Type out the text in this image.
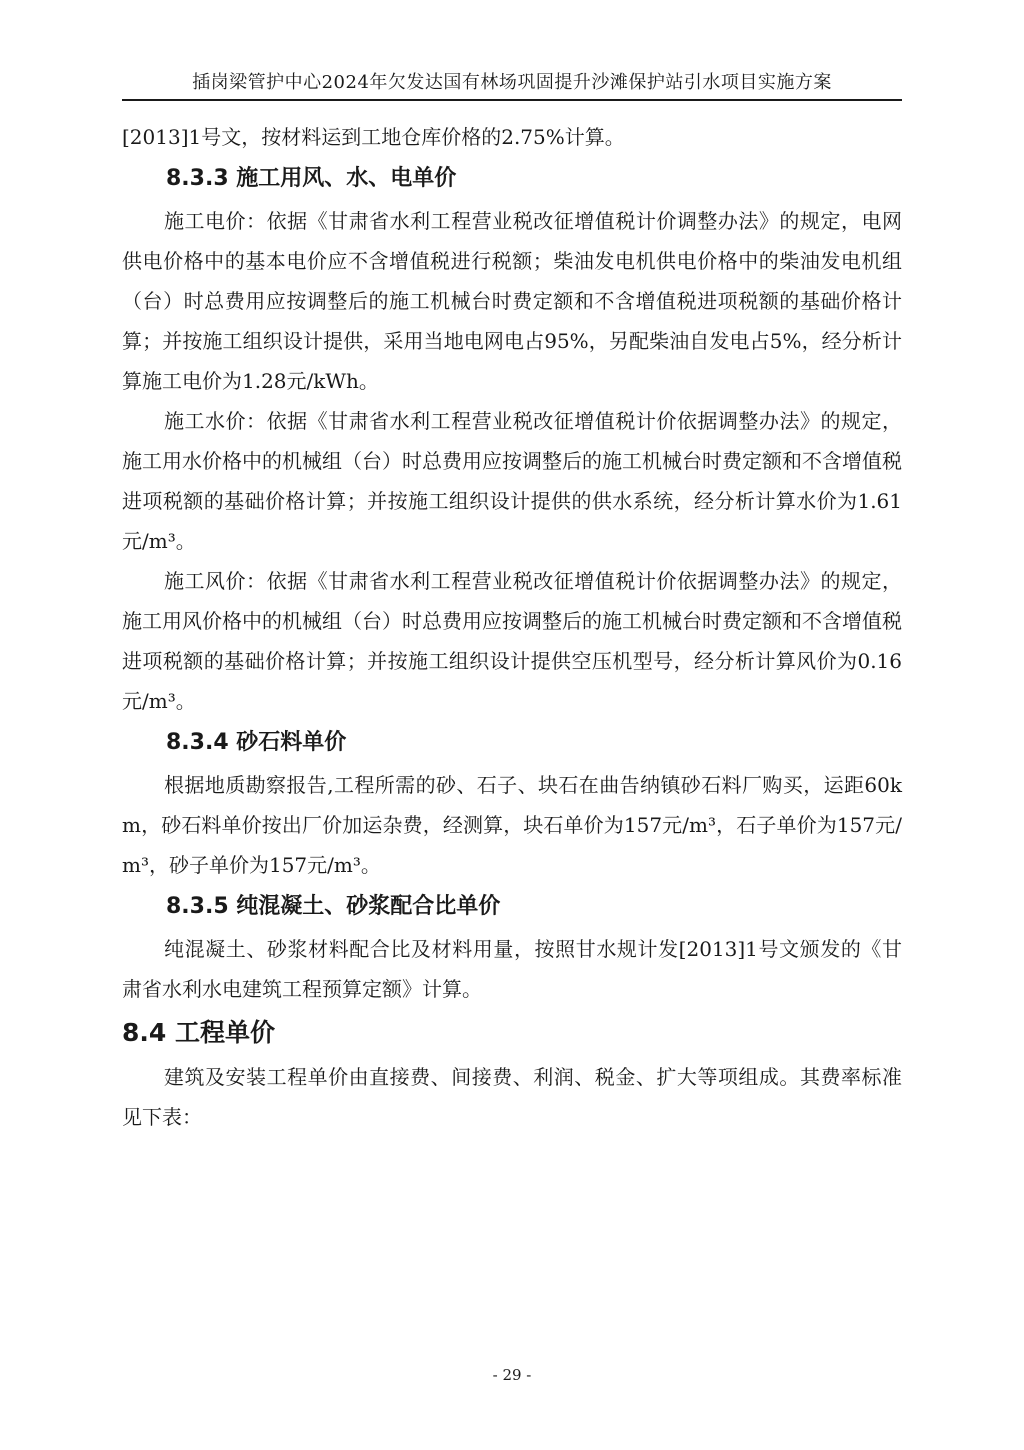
插岗梁管护中心2024年欠发达国有林场巩固提升沙滩保护站引水项目实施方案

[2013]1号文，按材料运到工地仓库价格的2.75%计算。

8.3.3 施工用风、水、电单价

施工电价：依据《甘肃省水利工程营业税改征增值税计价调整办法》的规定，电网供电价格中的基本电价应不含增值税进行税额；柴油发电机供电价格中的柴油发电机组（台）时总费用应按调整后的施工机械台时费定额和不含增值税进项税额的基础价格计算；并按施工组织设计提供，采用当地电网电占95%，另配柴油自发电占5%，经分析计算施工电价为1.28元/kWh。

施工水价：依据《甘肃省水利工程营业税改征增值税计价依据调整办法》的规定，施工用水价格中的机械组（台）时总费用应按调整后的施工机械台时费定额和不含增值税进项税额的基础价格计算；并按施工组织设计提供的供水系统，经分析计算水价为1.61元/m³。

施工风价：依据《甘肃省水利工程营业税改征增值税计价依据调整办法》的规定，施工用风价格中的机械组（台）时总费用应按调整后的施工机械台时费定额和不含增值税进项税额的基础价格计算；并按施工组织设计提供空压机型号，经分析计算风价为0.16元/m³。

8.3.4 砂石料单价

根据地质勘察报告,工程所需的砂、石子、块石在曲告纳镇砂石料厂购买，运距60km，砂石料单价按出厂价加运杂费，经测算，块石单价为157元/m³，石子单价为157元/m³，砂子单价为157元/m³。

8.3.5 纯混凝土、砂浆配合比单价

纯混凝土、砂浆材料配合比及材料用量，按照甘水规计发[2013]1号文颁发的《甘肃省水利水电建筑工程预算定额》计算。

8.4 工程单价

建筑及安装工程单价由直接费、间接费、利润、税金、扩大等项组成。其费率标准见下表：

- 29 -
